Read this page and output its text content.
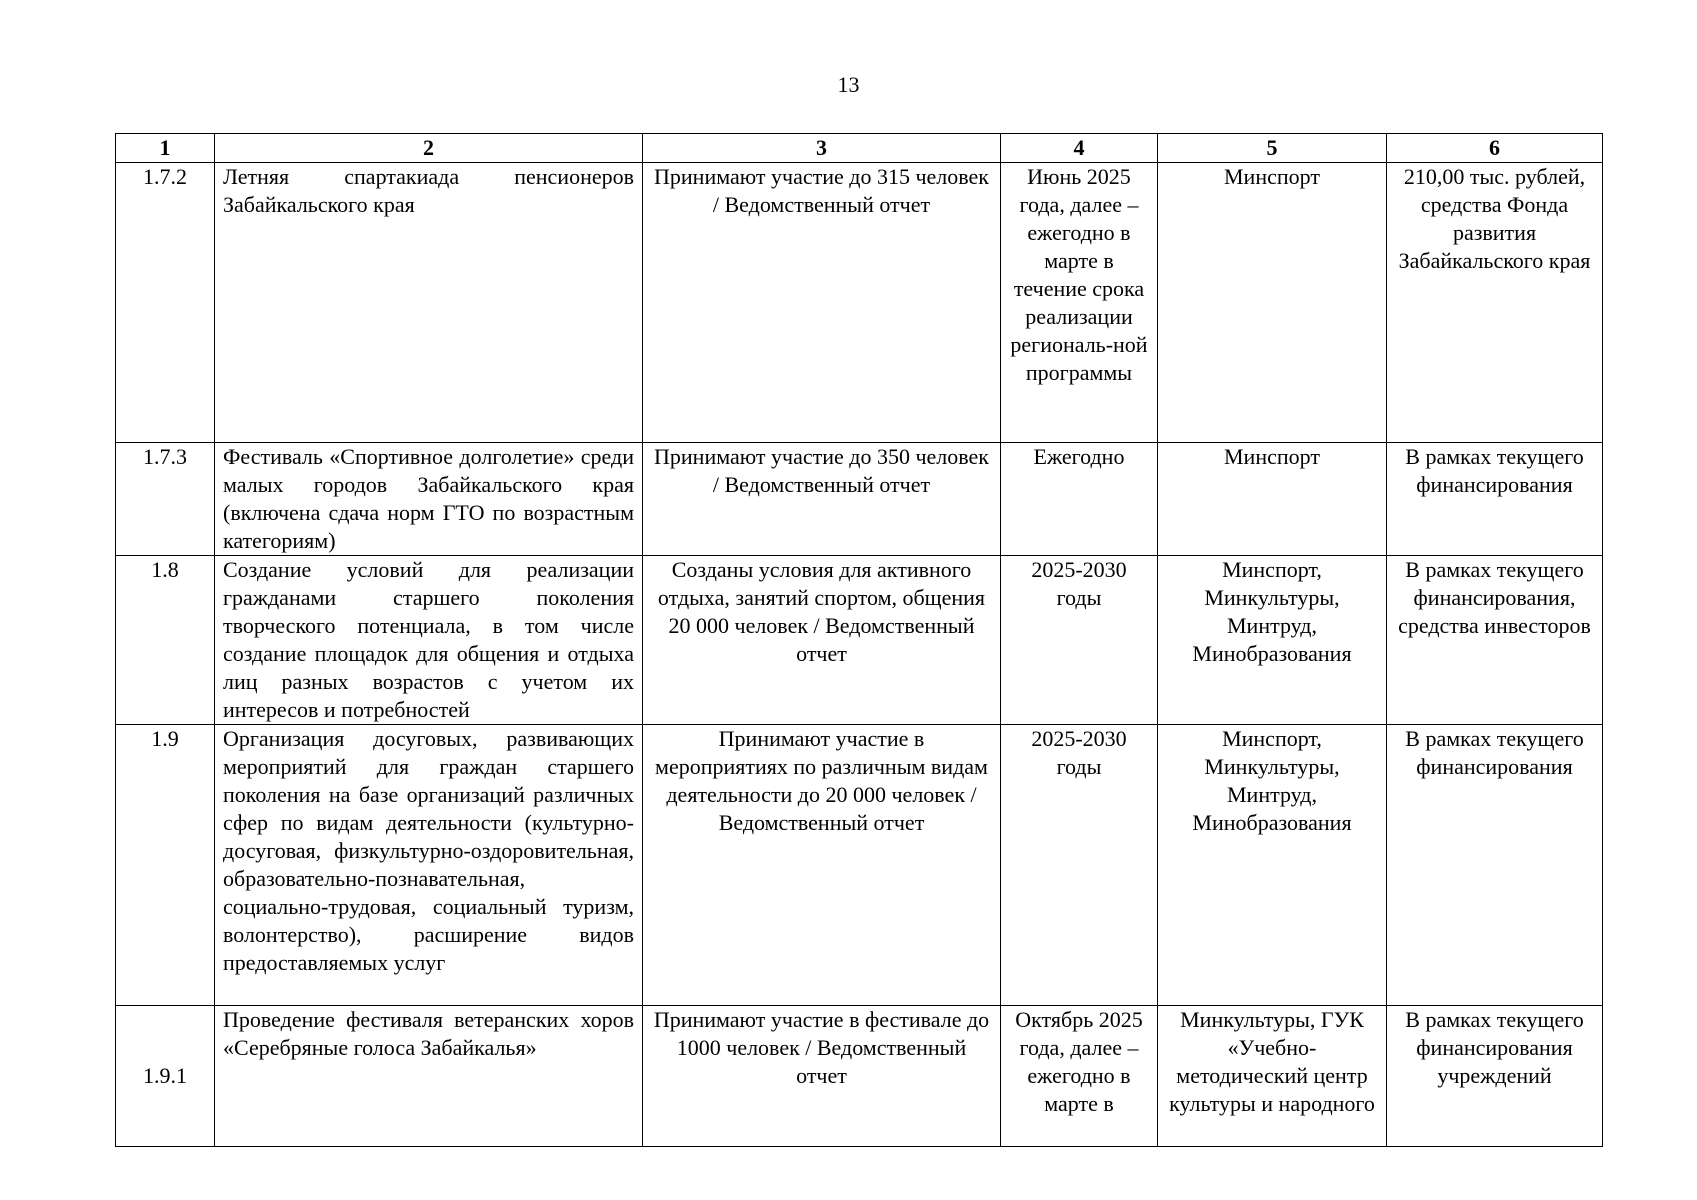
13
1	2	3	4	5	6
1.7.2	Летняя спартакиада пенсионеров Забайкальского края	Принимают участие до 315 человек / Ведомственный отчет	Июнь 2025 года, далее – ежегодно в марте в течение срока реализации региональ-ной программы	Минспорт	210,00 тыс. рублей, средства Фонда развития Забайкальского края
1.7.3	Фестиваль «Спортивное долголетие» среди малых городов Забайкальского края (включена сдача норм ГТО по возрастным категориям)	Принимают участие до 350 человек / Ведомственный отчет	Ежегодно	Минспорт	В рамках текущего финансирования
1.8	Создание условий для реализации гражданами старшего поколения творческого потенциала, в том числе создание площадок для общения и отдыха лиц разных возрастов с учетом их интересов и потребностей	Созданы условия для активного отдыха, занятий спортом, общения 20 000 человек / Ведомственный отчет	2025-2030 годы	Минспорт, Минкультуры, Минтруд, Минобразования	В рамках текущего финансирования, средства инвесторов
1.9	Организация досуговых, развивающих мероприятий для граждан старшего поколения на базе организаций различных сфер по видам деятельности (культурно-досуговая, физкультурно-оздоровительная, образовательно-познавательная, социально-трудовая, социальный туризм, волонтерство), расширение видов предоставляемых услуг	Принимают участие в мероприятиях по различным видам деятельности до 20 000 человек / Ведомственный отчет	2025-2030 годы	Минспорт, Минкультуры, Минтруд, Минобразования	В рамках текущего финансирования
1.9.1	Проведение фестиваля ветеранских хоров «Серебряные голоса Забайкалья»	Принимают участие в фестивале до 1000 человек / Ведомственный отчет	Октябрь 2025 года, далее – ежегодно в марте в	Минкультуры, ГУК «Учебно-методический центр культуры и народного	В рамках текущего финансирования учреждений
